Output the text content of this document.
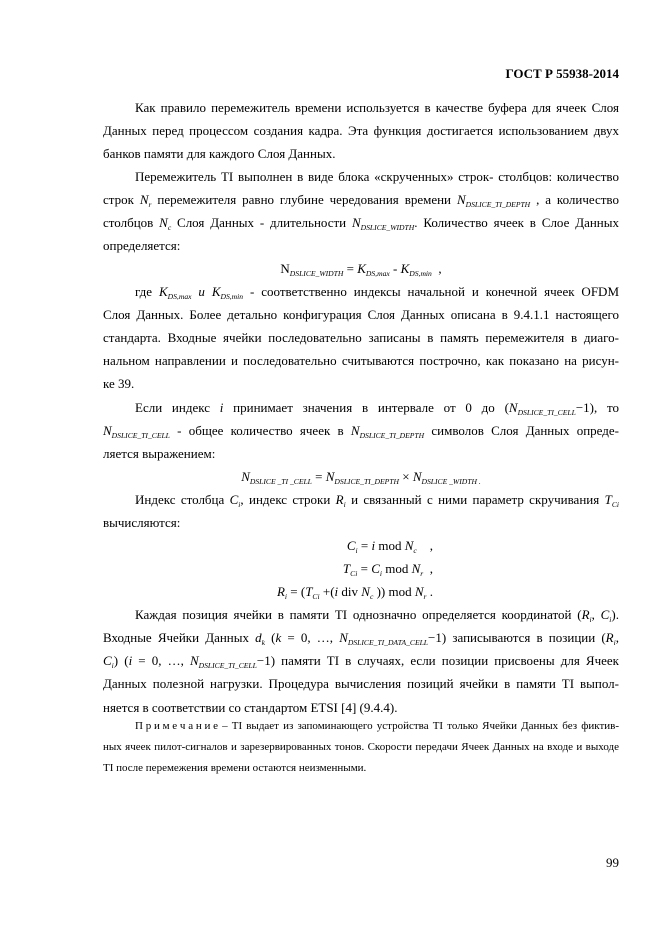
ГОСТ Р 55938-2014
Как правило перемежитель времени используется в качестве буфера для ячеек Слоя
Данных перед процессом создания кадра. Эта функция достигается использованием двух
банков памяти для каждого Слоя Данных.
Перемежитель TI выполнен в виде блока «скрученных» строк- столбцов: количество
строк $N_r$ перемежителя равно глубине чередования времени $N_{DSLICE\_TI\_DEPTH}$ , а количество
столбцов $N_c$ Слоя Данных - длительности $N_{DSLICE\_WIDTH}$. Количество ячеек в Слое Данных
определяется:
$N_{DSLICE\_WIDTH} = K_{DS,max} - K_{DS,min}$  ,
где $K_{DS,max}$ и $K_{DS,min}$ - соответственно индексы начальной и конечной ячеек OFDM
Слоя Данных. Более детально конфигурация Слоя Данных описана в 9.4.1.1 настоящего
стандарта. Входные ячейки последовательно записаны в память перемежителя в диаго-
нальном направлении и последовательно считываются построчно, как показано на рисун-
ке 39.
Если индекс i принимает значения в интервале от 0 до $(N_{DSLICE\_TI\_CELL}-1)$, то
$N_{DSLICE\_TI\_CELL}$ - общее количество ячеек в $N_{DSLICE\_TI\_DEPTH}$ символов Слоя Данных опреде-
ляется выражением:
$N_{DSLICE \_TI \_CELL} = N_{DSLICE\_TI\_DEPTH} \times N_{DSLICE \_WIDTH .}$
Индекс столбца $C_i$, индекс строки $R_i$ и связанный с ними параметр скручивания $T_{Ci}$
вычисляются:
$C_i = i$ mod $N_c$    ,
$T_{Ci} = C_i$ mod $N_r$  ,
$R_i = (T_{Ci} +(i$ div $N_c$ )) mod $N_r$ .
Каждая позиция ячейки в памяти TI однозначно определяется координатой ($R_i$, $C_i$).
Входные Ячейки Данных $d_k$ (k = 0, …, $N_{DSLICE\_TI\_DATA\_CELL}-1$) записываются в позиции ($R_i$,
$C_i$) (i = 0, …, $N_{DSLICE\_TI\_CELL}-1$) памяти TI в случаях, если позиции присвоены для Ячеек
Данных полезной нагрузки. Процедура вычисления позиций ячейки в памяти TI выпол-
няется в соответствии со стандартом ETSI [4] (9.4.4).
П р и м е ч а н и е – TI выдает из запоминающего устройства TI только Ячейки Данных без фиктив-
ных ячеек пилот-сигналов и зарезервированных тонов. Скорости передачи Ячеек Данных на входе и выходе
TI после перемежения времени остаются неизменными.
99
